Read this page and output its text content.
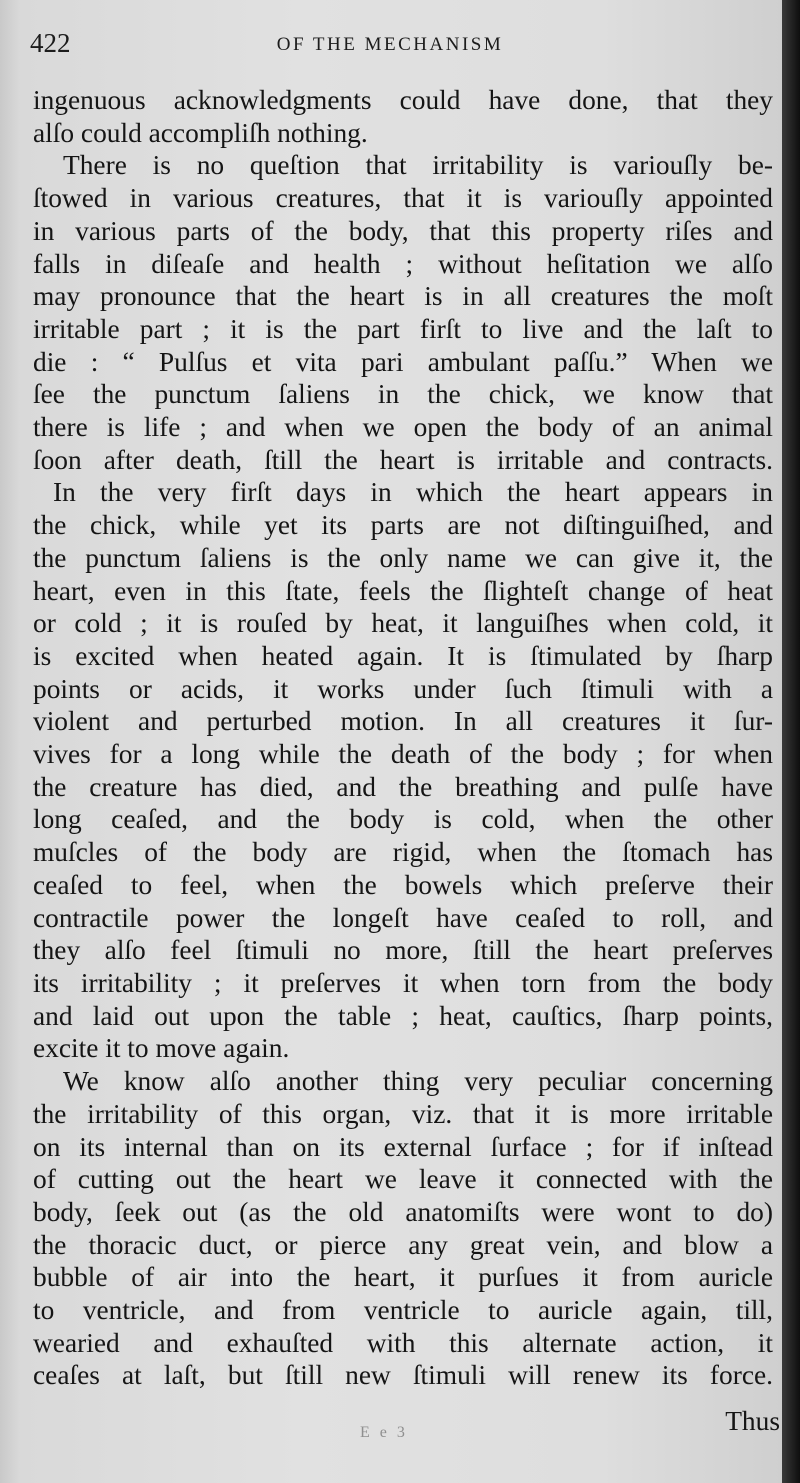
422	OF THE MECHANISM
ingenuous acknowledgments could have done, that they
alſo could accompliſh nothing.
There is no queſtion that irritability is variouſly be-
ſtowed in various creatures, that it is variouſly appointed
in various parts of the body, that this property riſes and
falls in diſeaſe and health ; without heſitation we alſo
may pronounce that the heart is in all creatures the moſt
irritable part ; it is the part firſt to live and the laſt to
die : “ Pulſus et vita pari ambulant paſſu.” When we
ſee the punctum ſaliens in the chick, we know that
there is life ; and when we open the body of an animal
ſoon after death, ſtill the heart is irritable and contracts.
In the very firſt days in which the heart appears in
the chick, while yet its parts are not diſtinguiſhed, and
the punctum ſaliens is the only name we can give it, the
heart, even in this ſtate, feels the ſlighteſt change of heat
or cold ; it is rouſed by heat, it languiſhes when cold, it
is excited when heated again. It is ſtimulated by ſharp
points or acids, it works under ſuch ſtimuli with a
violent and perturbed motion. In all creatures it ſur-
vives for a long while the death of the body ; for when
the creature has died, and the breathing and pulſe have
long ceaſed, and the body is cold, when the other
muſcles of the body are rigid, when the ſtomach has
ceaſed to feel, when the bowels which preſerve their
contractile power the longeſt have ceaſed to roll, and
they alſo feel ſtimuli no more, ſtill the heart preſerves
its irritability ; it preſerves it when torn from the body
and laid out upon the table ; heat, cauſtics, ſharp points,
excite it to move again.
We know alſo another thing very peculiar concerning
the irritability of this organ, viz. that it is more irritable
on its internal than on its external ſurface ; for if inſtead
of cutting out the heart we leave it connected with the
body, ſeek out (as the old anatomiſts were wont to do)
the thoracic duct, or pierce any great vein, and blow a
bubble of air into the heart, it purſues it from auricle
to ventricle, and from ventricle to auricle again, till,
wearied and exhauſted with this alternate action, it
ceaſes at laſt, but ſtill new ſtimuli will renew its force.
E e 3	Thus
